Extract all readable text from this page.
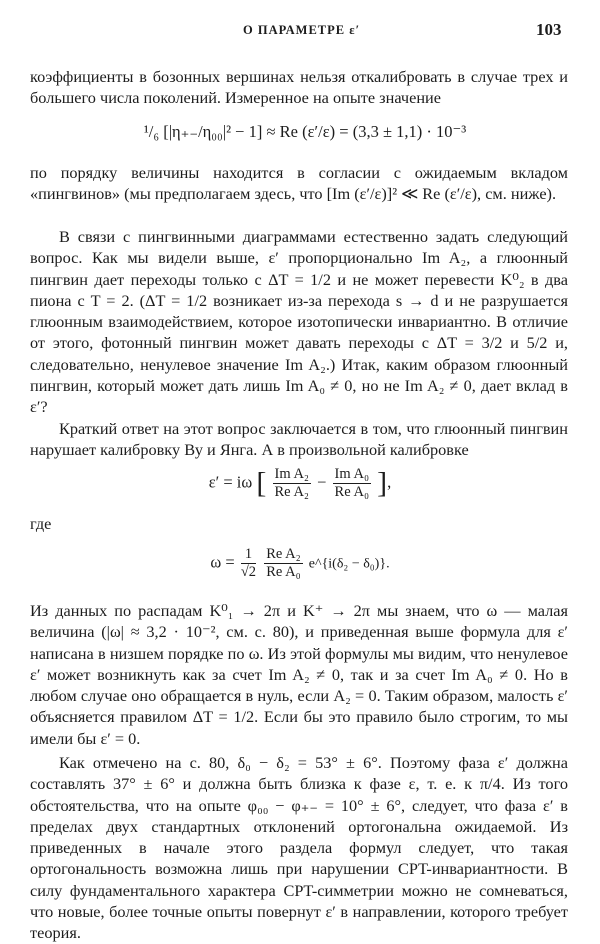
О ПАРАМЕТРЕ ε′	103

коэффициенты в бозонных вершинах нельзя откалибровать в случае трех и большего числа поколений. Измеренное на опыте значение

¹/₆ [|η₊₋/η₀₀|² − 1] ≈ Re (ε′/ε) = (3,3 ± 1,1) · 10⁻³

по порядку величины находится в согласии с ожидаемым вкладом «пингвинов» (мы предполагаем здесь, что [Im (ε′/ε)]² ≪ Re (ε′/ε), см. ниже).

В связи с пингвинными диаграммами естественно задать следующий вопрос. Как мы видели выше, ε′ пропорционально Im A₂, а глюонный пингвин дает переходы только с ΔT = 1/2 и не может перевести K⁰₂ в два пиона с T = 2. (ΔT = 1/2 возникает из-за перехода s → d и не разрушается глюонным взаимодействием, которое изотопически инвариантно. В отличие от этого, фотонный пингвин может давать переходы с ΔT = 3/2 и 5/2 и, следовательно, ненулевое значение Im A₂.) Итак, каким образом глюонный пингвин, который может дать лишь Im A₀ ≠ 0, но не Im A₂ ≠ 0, дает вклад в ε′?

Краткий ответ на этот вопрос заключается в том, что глюонный пингвин нарушает калибровку Ву и Янга. А в произвольной калибровке

ε′ = iω [ $\frac{\text{Im A₂}}{\text{Re A₂}} - \frac{\text{Im A₀}}{\text{Re A₀}}$ ],
где
$\omega = \frac{1}{√2}$
$\frac{\text{Re A₂}}{\text{Re A₀}}$ e^{i(δ₂ − δ₀)}.

Из данных по распадам K⁰₁ → 2π и K⁺ → 2π мы знаем, что ω — малая величина (|ω| ≈ 3,2 · 10⁻², см. с. 80), и приведенная выше формула для ε′ написана в низшем порядке по ω. Из этой формулы мы видим, что ненулевое ε′ может возникнуть как за счет Im A₂ ≠ 0, так и за счет Im A₀ ≠ 0. Но в любом случае оно обращается в нуль, если A₂ = 0. Таким образом, малость ε′ объясняется правилом ΔT = 1/2. Если бы это правило было строгим, то мы имели бы ε′ = 0.

Как отмечено на с. 80, δ₀ − δ₂ = 53° ± 6°. Поэтому фаза ε′ должна составлять 37° ± 6° и должна быть близка к фазе ε, т. е. к π/4. Из того обстоятельства, что на опыте φ₀₀ − φ₊₋ = 10° ± 6°, следует, что фаза ε′ в пределах двух стандартных отклонений ортогональна ожидаемой. Из приведенных в начале этого раздела формул следует, что такая ортогональность возможна лишь при нарушении CPT-инвариантности. В силу фундаментального характера CPT-симметрии можно не сомневаться, что новые, более точные опыты повернут ε′ в направлении, которого требует теория.
